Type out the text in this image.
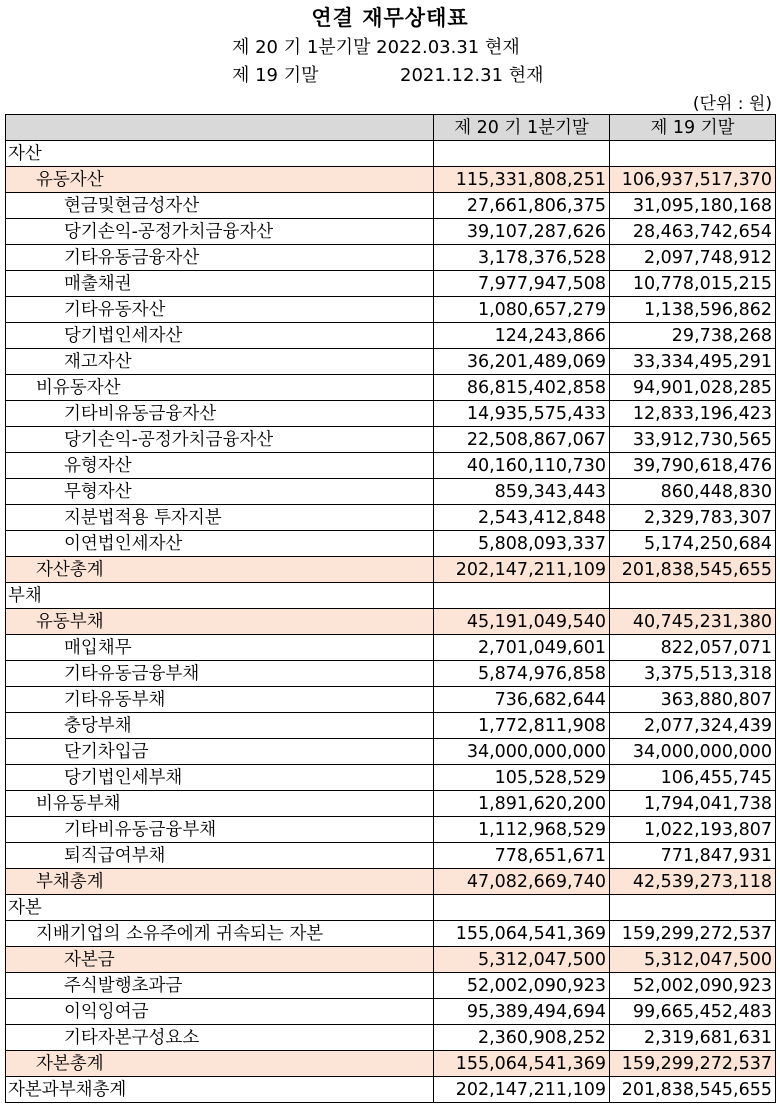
연결 재무상태표
제 20 기 1분기말 2022.03.31 현재
제 19 기말	2021.12.31 현재
(단위 : 원)
	제 20 기 1분기말	제 19 기말
자산		
유동자산	115,331,808,251	106,937,517,370
현금및현금성자산	27,661,806,375	31,095,180,168
당기손익-공정가치금융자산	39,107,287,626	28,463,742,654
기타유동금융자산	3,178,376,528	2,097,748,912
매출채권	7,977,947,508	10,778,015,215
기타유동자산	1,080,657,279	1,138,596,862
당기법인세자산	124,243,866	29,738,268
재고자산	36,201,489,069	33,334,495,291
비유동자산	86,815,402,858	94,901,028,285
기타비유동금융자산	14,935,575,433	12,833,196,423
당기손익-공정가치금융자산	22,508,867,067	33,912,730,565
유형자산	40,160,110,730	39,790,618,476
무형자산	859,343,443	860,448,830
지분법적용 투자지분	2,543,412,848	2,329,783,307
이연법인세자산	5,808,093,337	5,174,250,684
자산총계	202,147,211,109	201,838,545,655
부채		
유동부채	45,191,049,540	40,745,231,380
매입채무	2,701,049,601	822,057,071
기타유동금융부채	5,874,976,858	3,375,513,318
기타유동부채	736,682,644	363,880,807
충당부채	1,772,811,908	2,077,324,439
단기차입금	34,000,000,000	34,000,000,000
당기법인세부채	105,528,529	106,455,745
비유동부채	1,891,620,200	1,794,041,738
기타비유동금융부채	1,112,968,529	1,022,193,807
퇴직급여부채	778,651,671	771,847,931
부채총계	47,082,669,740	42,539,273,118
자본		
지배기업의 소유주에게 귀속되는 자본	155,064,541,369	159,299,272,537
자본금	5,312,047,500	5,312,047,500
주식발행초과금	52,002,090,923	52,002,090,923
이익잉여금	95,389,494,694	99,665,452,483
기타자본구성요소	2,360,908,252	2,319,681,631
자본총계	155,064,541,369	159,299,272,537
자본과부채총계	202,147,211,109	201,838,545,655
